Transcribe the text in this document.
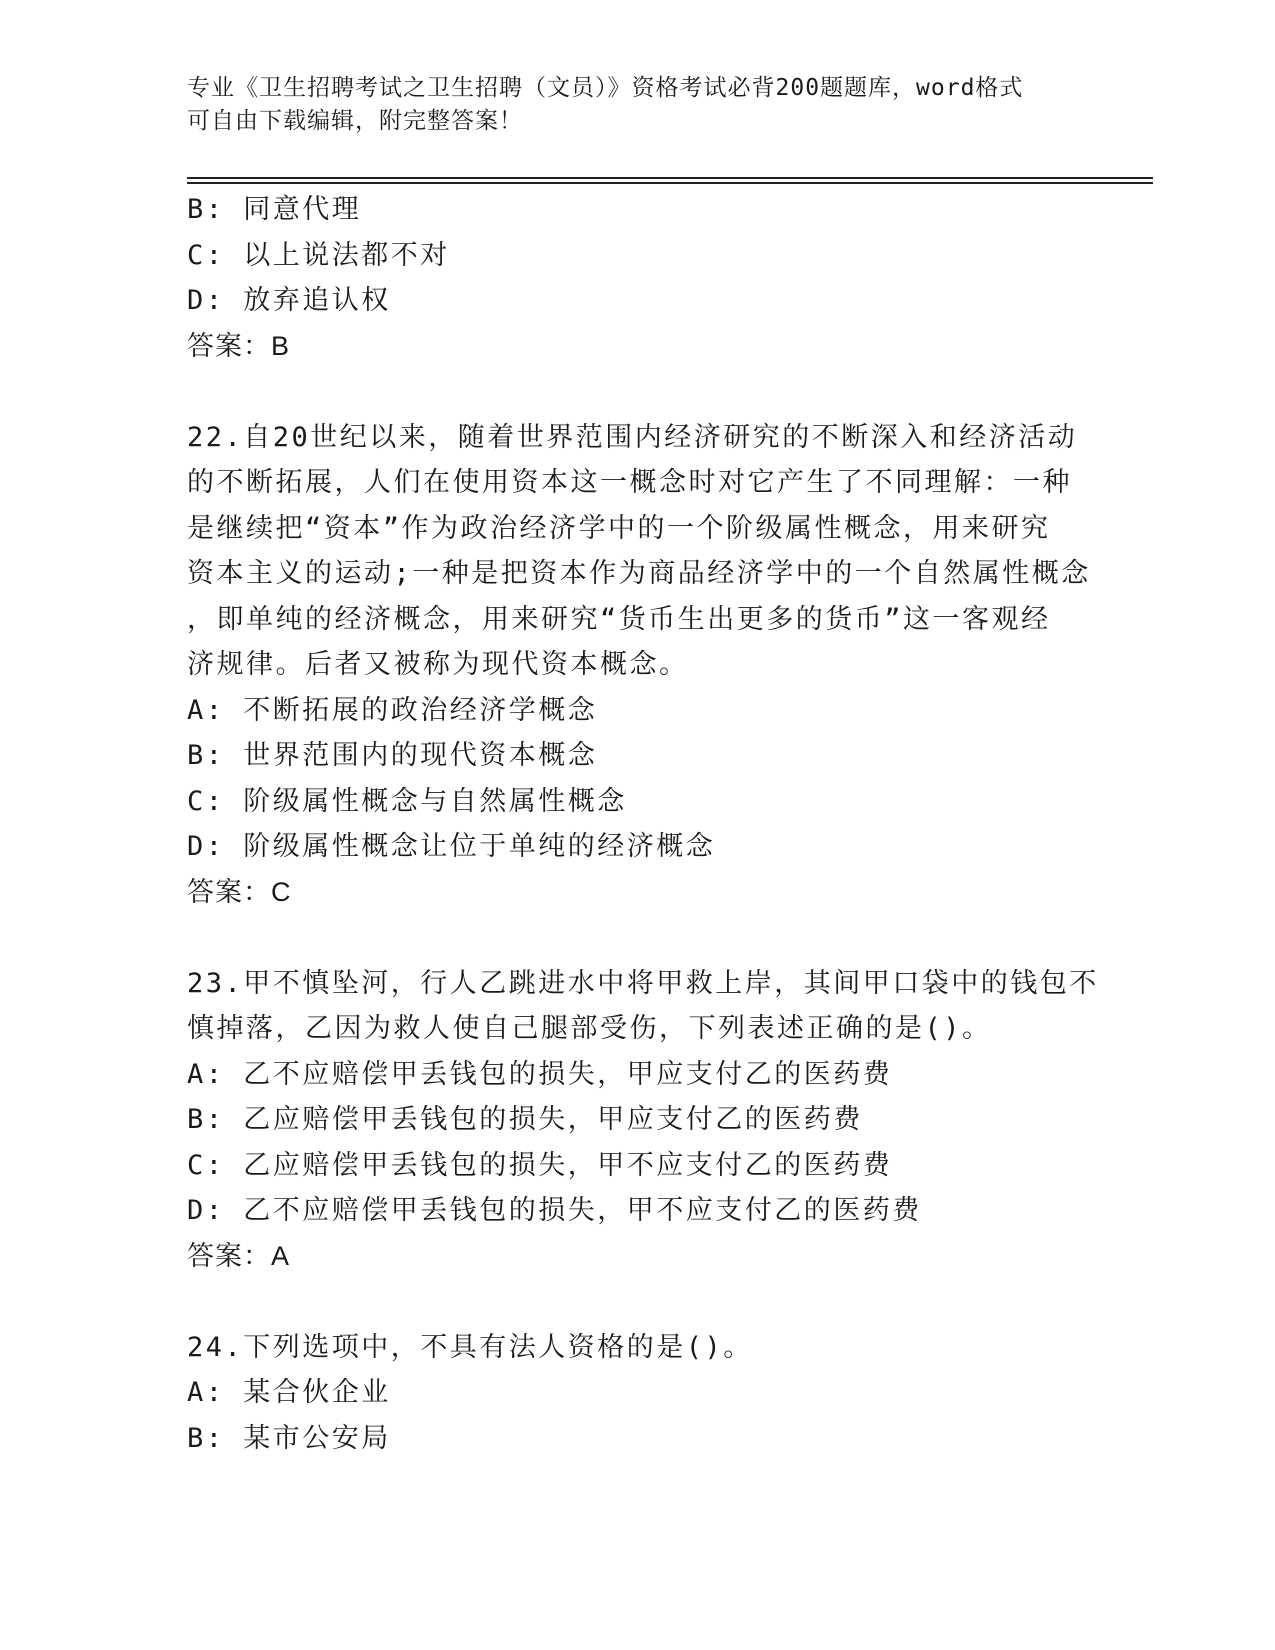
专业《卫生招聘考试之卫生招聘（文员）》资格考试必背200题题库，word格式
可自由下载编辑，附完整答案！

B: 同意代理

C: 以上说法都不对

D: 放弃追认权

答案：B

22.自20世纪以来，随着世界范围内经济研究的不断深入和经济活动

的不断拓展，人们在使用资本这一概念时对它产生了不同理解：一种

是继续把“资本”作为政治经济学中的一个阶级属性概念，用来研究

资本主义的运动;一种是把资本作为商品经济学中的一个自然属性概念

，即单纯的经济概念，用来研究“货币生出更多的货币”这一客观经

济规律。后者又被称为现代资本概念。

A: 不断拓展的政治经济学概念

B: 世界范围内的现代资本概念

C: 阶级属性概念与自然属性概念

D: 阶级属性概念让位于单纯的经济概念

答案：C

23.甲不慎坠河，行人乙跳进水中将甲救上岸，其间甲口袋中的钱包不

慎掉落，乙因为救人使自己腿部受伤，下列表述正确的是()。

A: 乙不应赔偿甲丢钱包的损失，甲应支付乙的医药费

B: 乙应赔偿甲丢钱包的损失，甲应支付乙的医药费

C: 乙应赔偿甲丢钱包的损失，甲不应支付乙的医药费

D: 乙不应赔偿甲丢钱包的损失，甲不应支付乙的医药费

答案：A

24.下列选项中，不具有法人资格的是()。

A: 某合伙企业

B: 某市公安局
